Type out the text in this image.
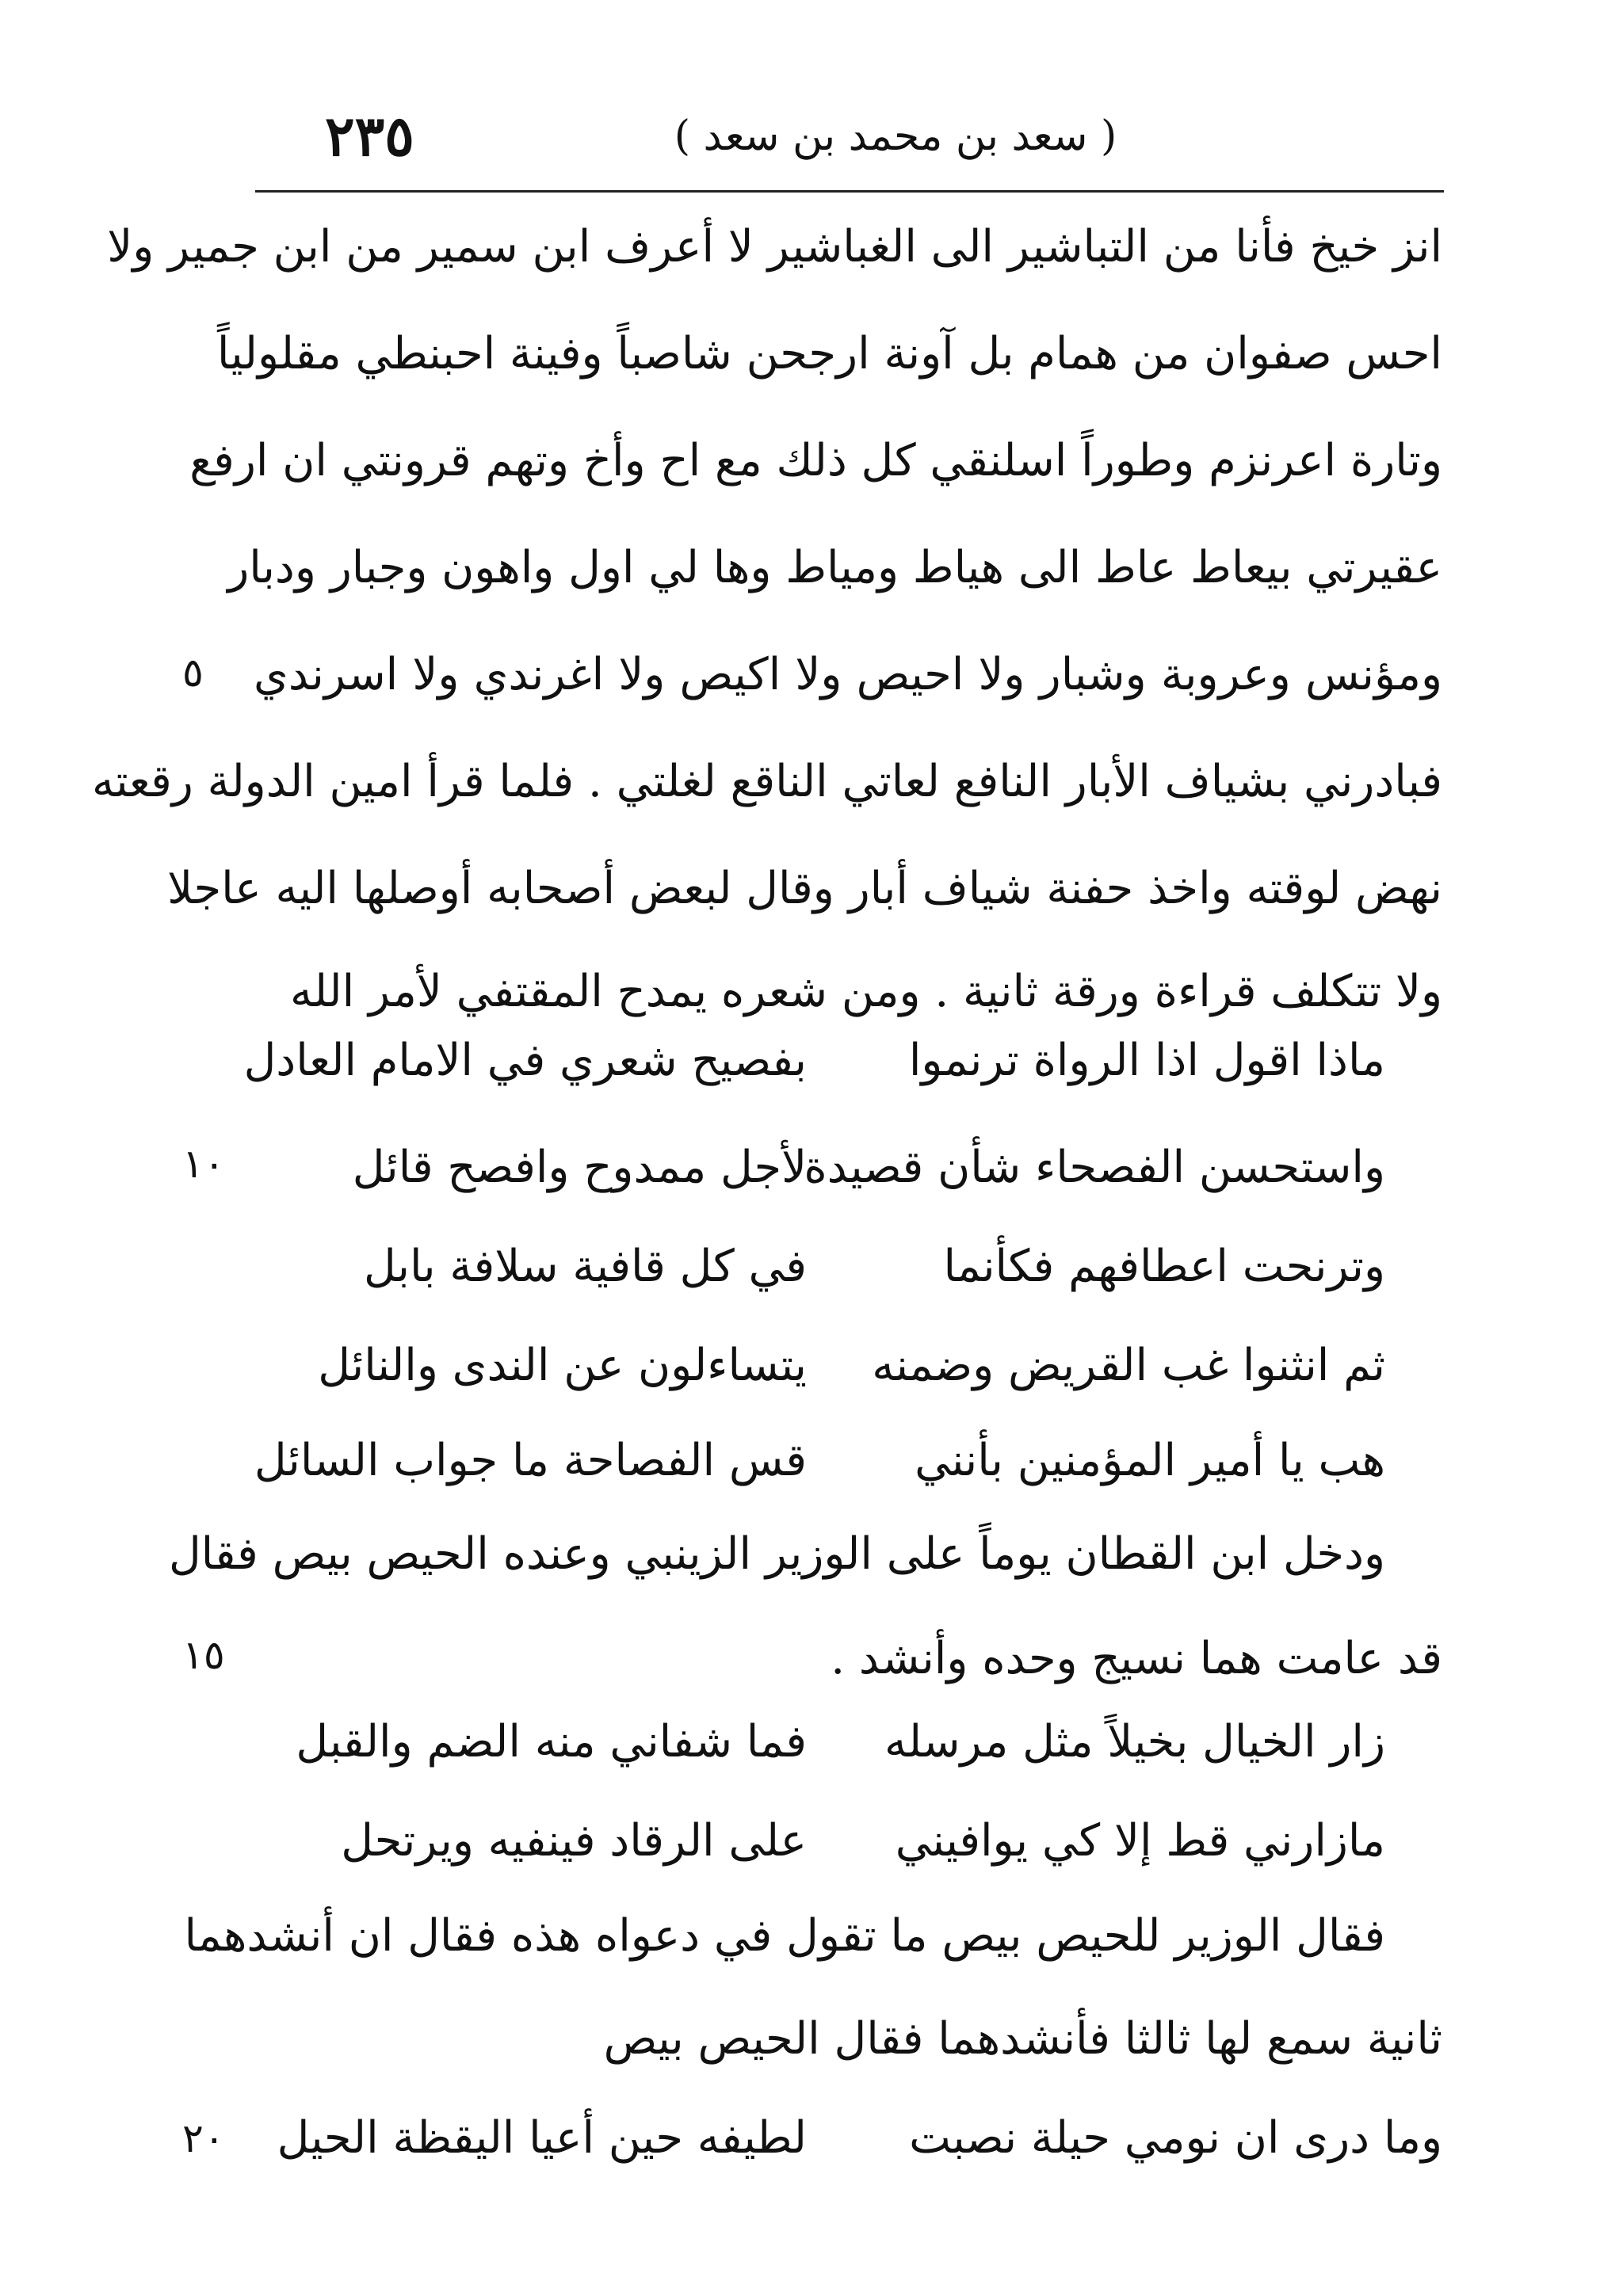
٢٣٥	( سعد بن محمد بن سعد )
انز خيخ فأنا من التباشير الى الغباشير لا أعرف ابن سمير من ابن جمير ولا
احس صفوان من همام بل آونة ارجحن شاصباً وفينة احبنطي مقلولياً
وتارة اعرنزم وطوراً اسلنقي كل ذلك مع اح وأخ وتهم قرونتي ان ارفع
عقيرتي بيعاط عاط الى هياط ومياط وها لي اول واهون وجبار ودبار
ومؤنس وعروبة وشبار ولا احيص ولا اكيص ولا اغرندي ولا اسرندي
فبادرني بشياف الأبار النافع لعاتي الناقع لغلتي . فلما قرأ امين الدولة رقعته
نهض لوقته واخذ حفنة شياف أبار وقال لبعض أصحابه أوصلها اليه عاجلا
ولا تتكلف قراءة ورقة ثانية . ومن شعره يمدح المقتفي لأمر الله
ماذا اقول اذا الرواة ترنموا
بفصيح شعري في الامام العادل
واستحسن الفصحاء شأن قصيدة
لأجل ممدوح وافصح قائل
وترنحت اعطافهم فكأنما
في كل قافية سلافة بابل
ثم انثنوا غب القريض وضمنه
يتساءلون عن الندى والنائل
هب يا أمير المؤمنين بأنني
قس الفصاحة ما جواب السائل
ودخل ابن القطان يوماً على الوزير الزينبي وعنده الحيص بيص فقال
قد عامت هما نسيج وحده وأنشد .
زار الخيال بخيلاً مثل مرسله
فما شفاني منه الضم والقبل
مازارني قط إلا كي يوافيني
على الرقاد فينفيه ويرتحل
فقال الوزير للحيص بيص ما تقول في دعواه هذه فقال ان أنشدهما
ثانية سمع لها ثالثا فأنشدهما فقال الحيص بيص
وما درى ان نومي حيلة نصبت
لطيفه حين أعيا اليقظة الحيل
٥
١٠
١٥
٢٠
